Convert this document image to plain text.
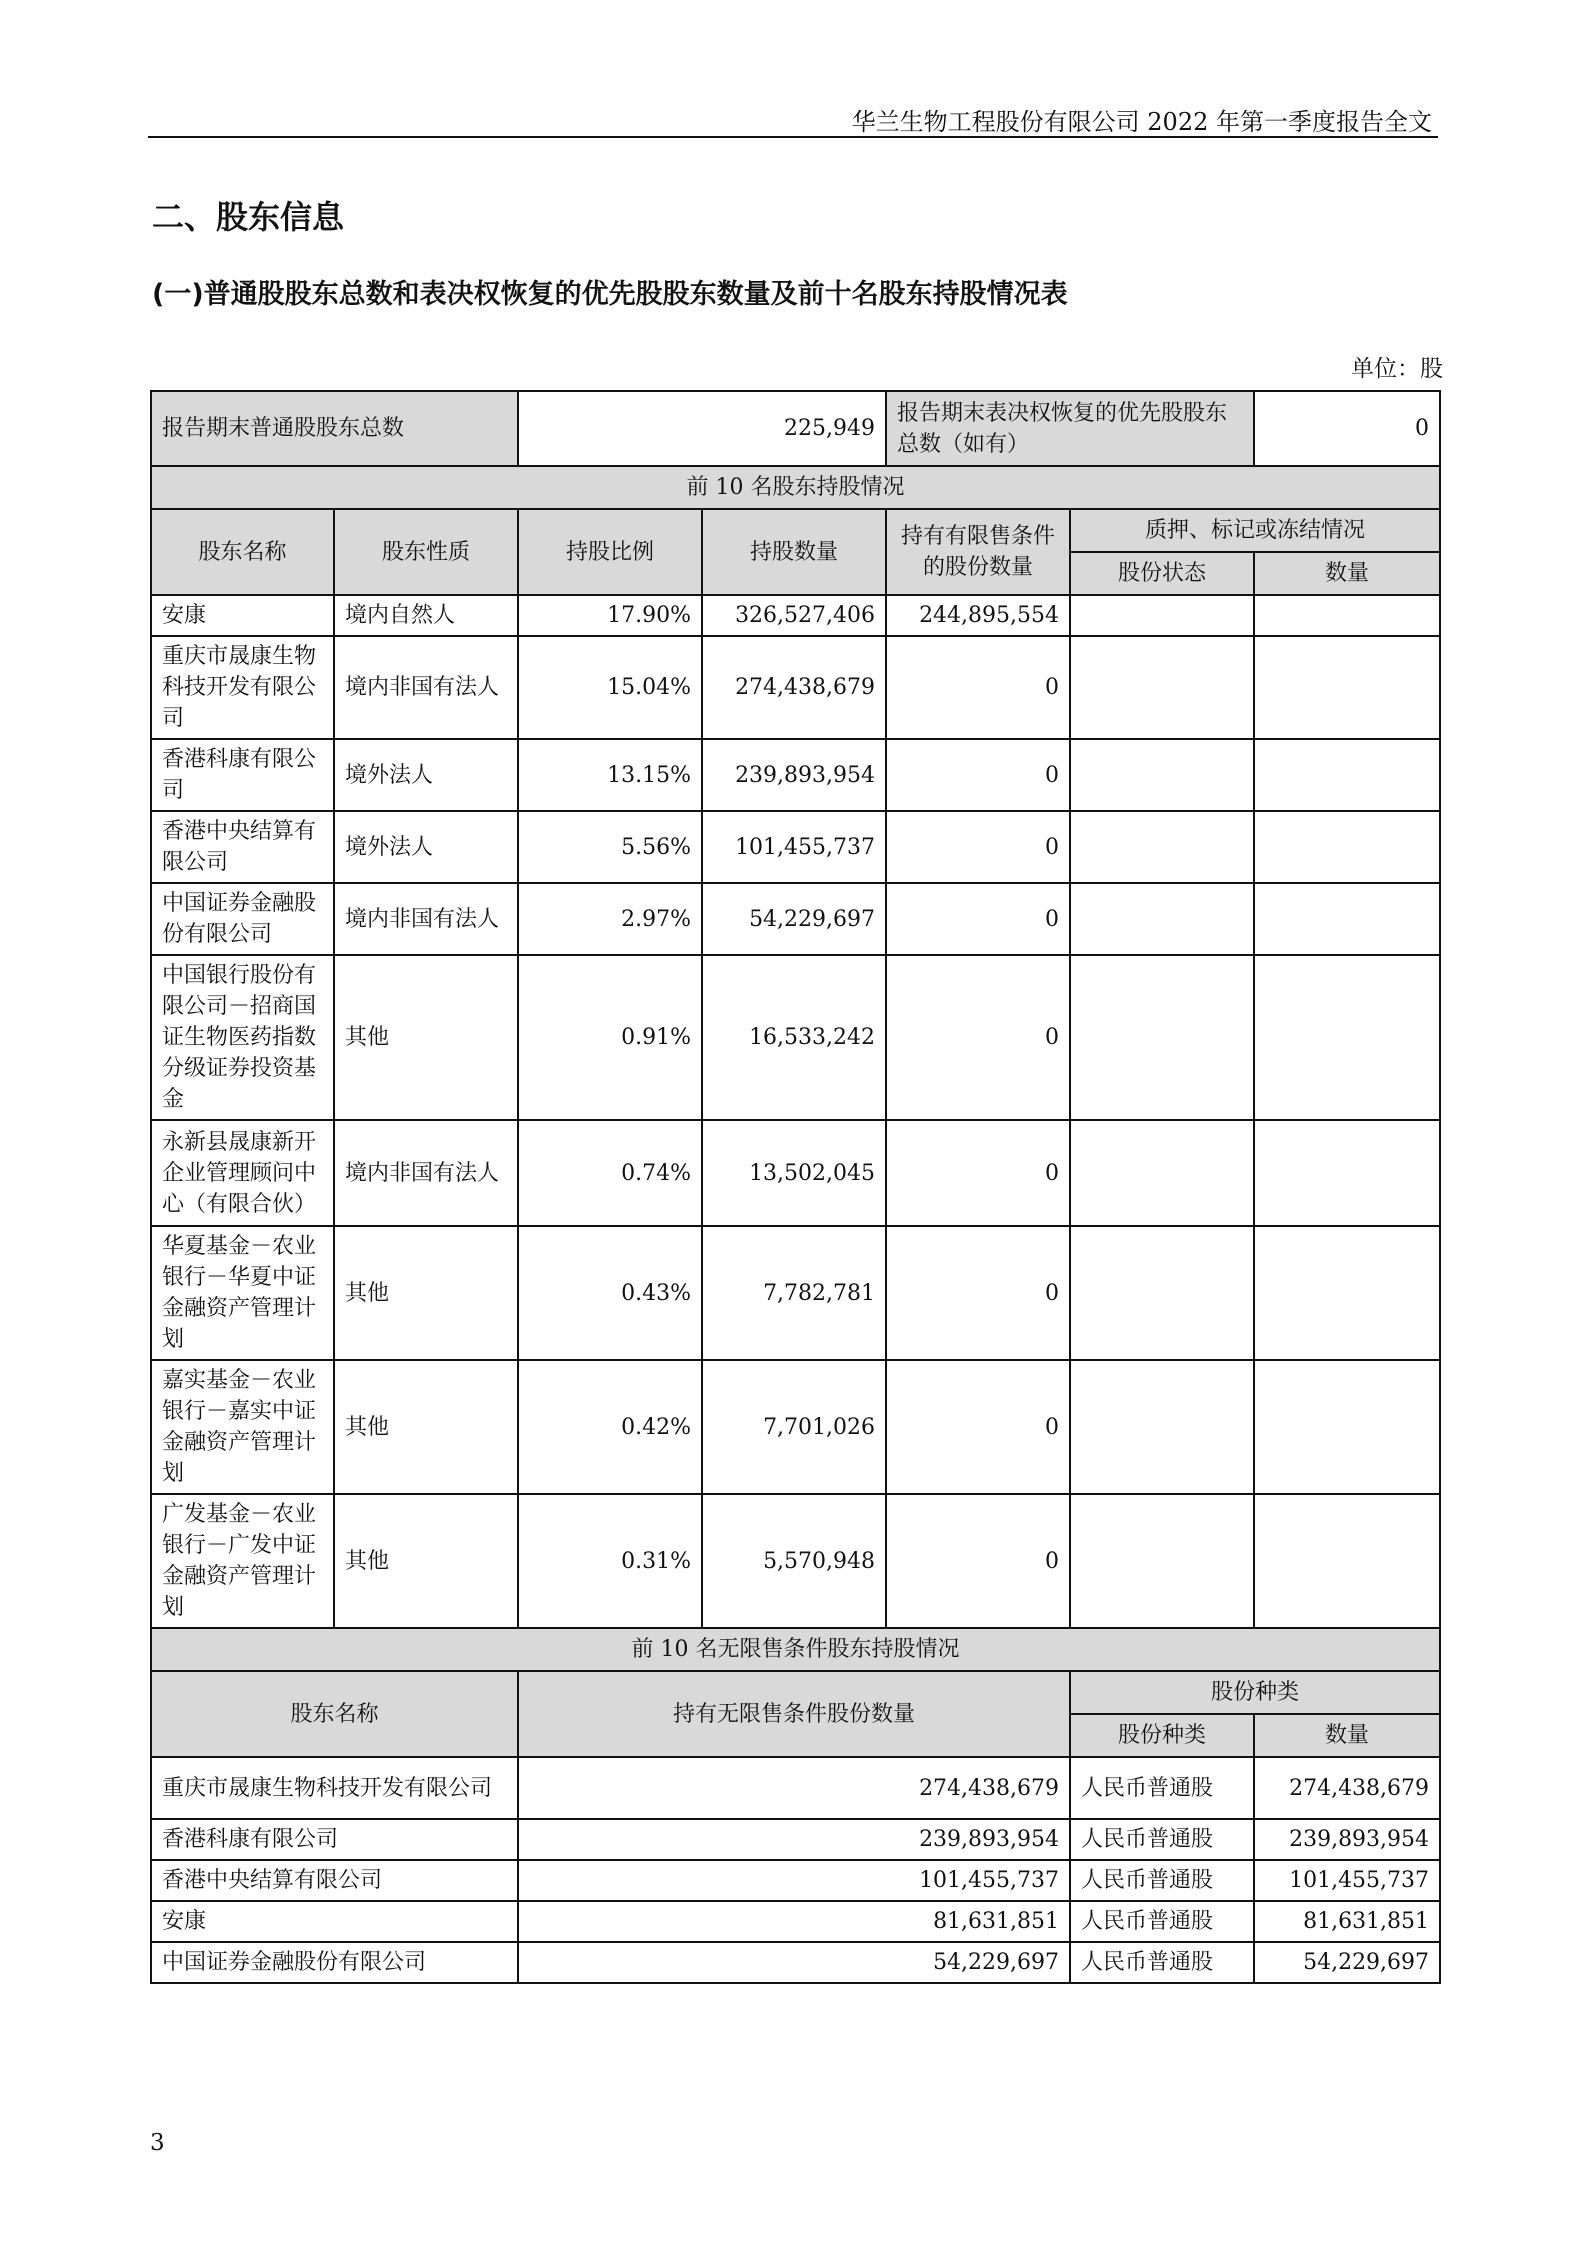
华兰生物工程股份有限公司 2022 年第一季度报告全文
二、股东信息
(一)普通股股东总数和表决权恢复的优先股股东数量及前十名股东持股情况表
单位：股
报告期末普通股股东总数		225,949		报告期末表决权恢复的优先股股东总数（如有）		0
前 10 名股东持股情况						
股东名称	股东性质	持股比例	持股数量	持有有限售条件的股份数量	质押、标记或冻结情况	
					股份状态	数量
安康	境内自然人	17.90%	326,527,406	244,895,554		
重庆市晟康生物科技开发有限公司	境内非国有法人	15.04%	274,438,679	0		
香港科康有限公司	境外法人	13.15%	239,893,954	0		
香港中央结算有限公司	境外法人	5.56%	101,455,737	0		
中国证券金融股份有限公司	境内非国有法人	2.97%	54,229,697	0		
中国银行股份有限公司－招商国证生物医药指数分级证券投资基金	其他	0.91%	16,533,242	0		
永新县晟康新开企业管理顾问中心（有限合伙）	境内非国有法人	0.74%	13,502,045	0		
华夏基金－农业银行－华夏中证金融资产管理计划	其他	0.43%	7,782,781	0		
嘉实基金－农业银行－嘉实中证金融资产管理计划	其他	0.42%	7,701,026	0		
广发基金－农业银行－广发中证金融资产管理计划	其他	0.31%	5,570,948	0		
前 10 名无限售条件股东持股情况						
股东名称		持有无限售条件股份数量			股份种类	
					股份种类	数量
重庆市晟康生物科技开发有限公司		274,438,679			人民币普通股	274,438,679
香港科康有限公司		239,893,954			人民币普通股	239,893,954
香港中央结算有限公司		101,455,737			人民币普通股	101,455,737
安康		81,631,851			人民币普通股	81,631,851
中国证券金融股份有限公司		54,229,697			人民币普通股	54,229,697
3
